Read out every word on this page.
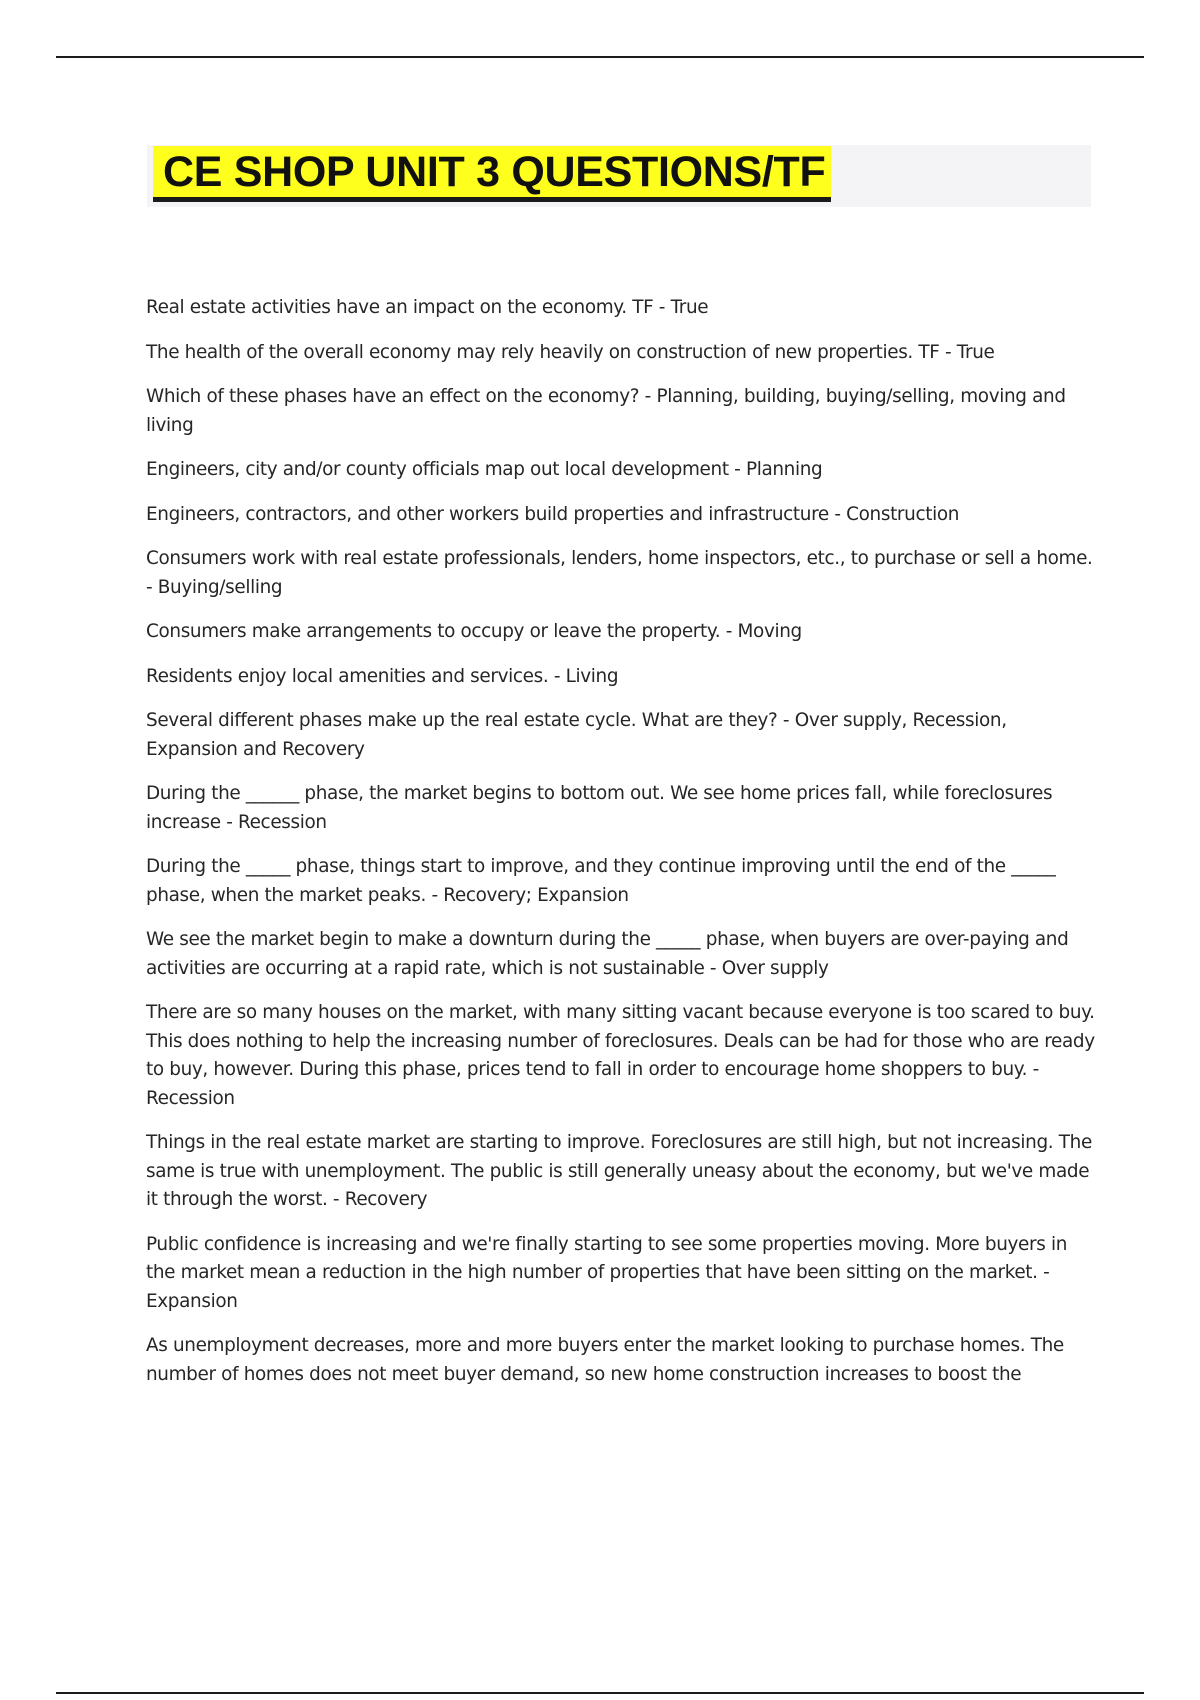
CE SHOP UNIT 3 QUESTIONS/TF

Real estate activities have an impact on the economy. TF - True

The health of the overall economy may rely heavily on construction of new properties. TF - True

Which of these phases have an effect on the economy? - Planning, building, buying/selling, moving and living

Engineers, city and/or county officials map out local development - Planning

Engineers, contractors, and other workers build properties and infrastructure - Construction

Consumers work with real estate professionals, lenders, home inspectors, etc., to purchase or sell a home. - Buying/selling

Consumers make arrangements to occupy or leave the property. - Moving

Residents enjoy local amenities and services. - Living

Several different phases make up the real estate cycle. What are they? - Over supply, Recession, Expansion and Recovery

During the ______ phase, the market begins to bottom out. We see home prices fall, while foreclosures increase - Recession

During the _____ phase, things start to improve, and they continue improving until the end of the _____ phase, when the market peaks. - Recovery; Expansion

We see the market begin to make a downturn during the _____ phase, when buyers are over-paying and activities are occurring at a rapid rate, which is not sustainable - Over supply

There are so many houses on the market, with many sitting vacant because everyone is too scared to buy. This does nothing to help the increasing number of foreclosures. Deals can be had for those who are ready to buy, however. During this phase, prices tend to fall in order to encourage home shoppers to buy. - Recession

Things in the real estate market are starting to improve. Foreclosures are still high, but not increasing. The same is true with unemployment. The public is still generally uneasy about the economy, but we've made it through the worst. - Recovery

Public confidence is increasing and we're finally starting to see some properties moving. More buyers in the market mean a reduction in the high number of properties that have been sitting on the market. - Expansion

As unemployment decreases, more and more buyers enter the market looking to purchase homes. The number of homes does not meet buyer demand, so new home construction increases to boost the
